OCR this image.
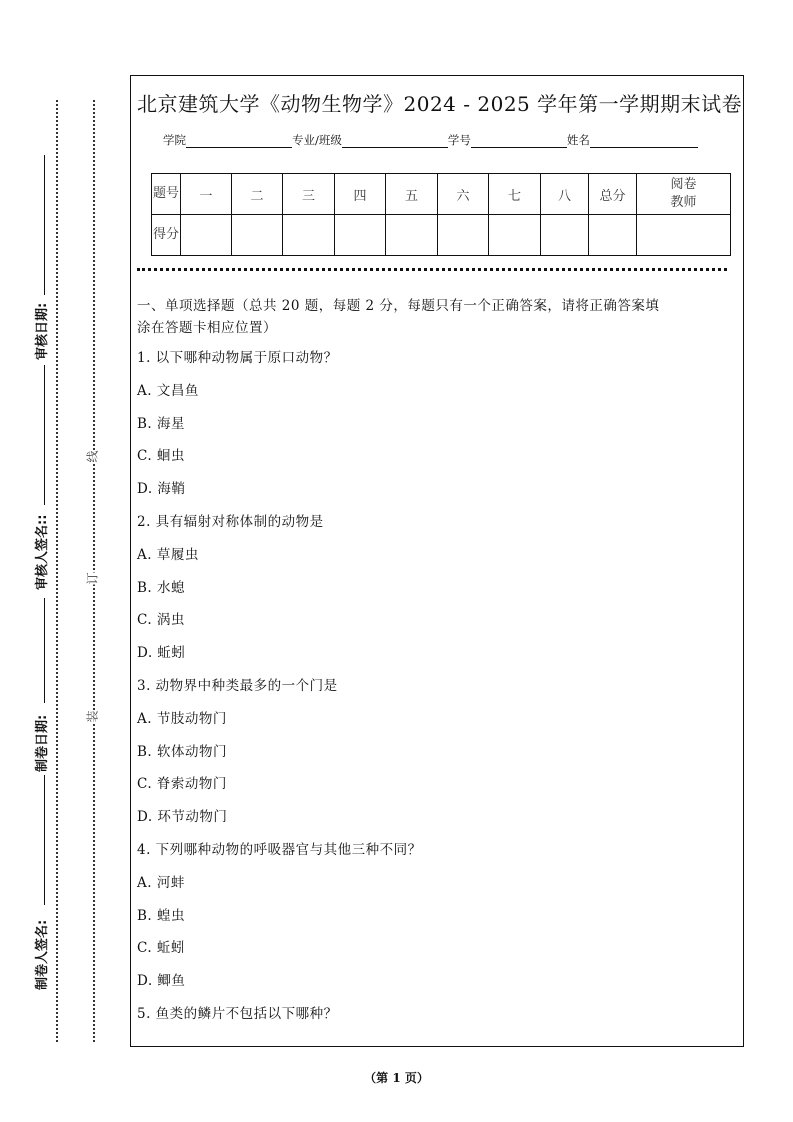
审核日期:
审核人签名::
制卷日期:
制卷人签名:
线
订
装
北京建筑大学《动物生物学》2024 - 2025 学年第一学期期末试卷
学院	专业/班级	学号	姓名
题号	一	二	三	四	五	六	七	八	总分	阅卷教师
得分										
一、单项选择题（总共 20 题，每题 2 分，每题只有一个正确答案，请将正确答案填
涂在答题卡相应位置）
1. 以下哪种动物属于原口动物？
A. 文昌鱼
B. 海星
C. 蛔虫
D. 海鞘
2. 具有辐射对称体制的动物是
A. 草履虫
B. 水螅
C. 涡虫
D. 蚯蚓
3. 动物界中种类最多的一个门是
A. 节肢动物门
B. 软体动物门
C. 脊索动物门
D. 环节动物门
4. 下列哪种动物的呼吸器官与其他三种不同？
A. 河蚌
B. 蝗虫
C. 蚯蚓
D. 鲫鱼
5. 鱼类的鳞片不包括以下哪种？
（第 1 页）
